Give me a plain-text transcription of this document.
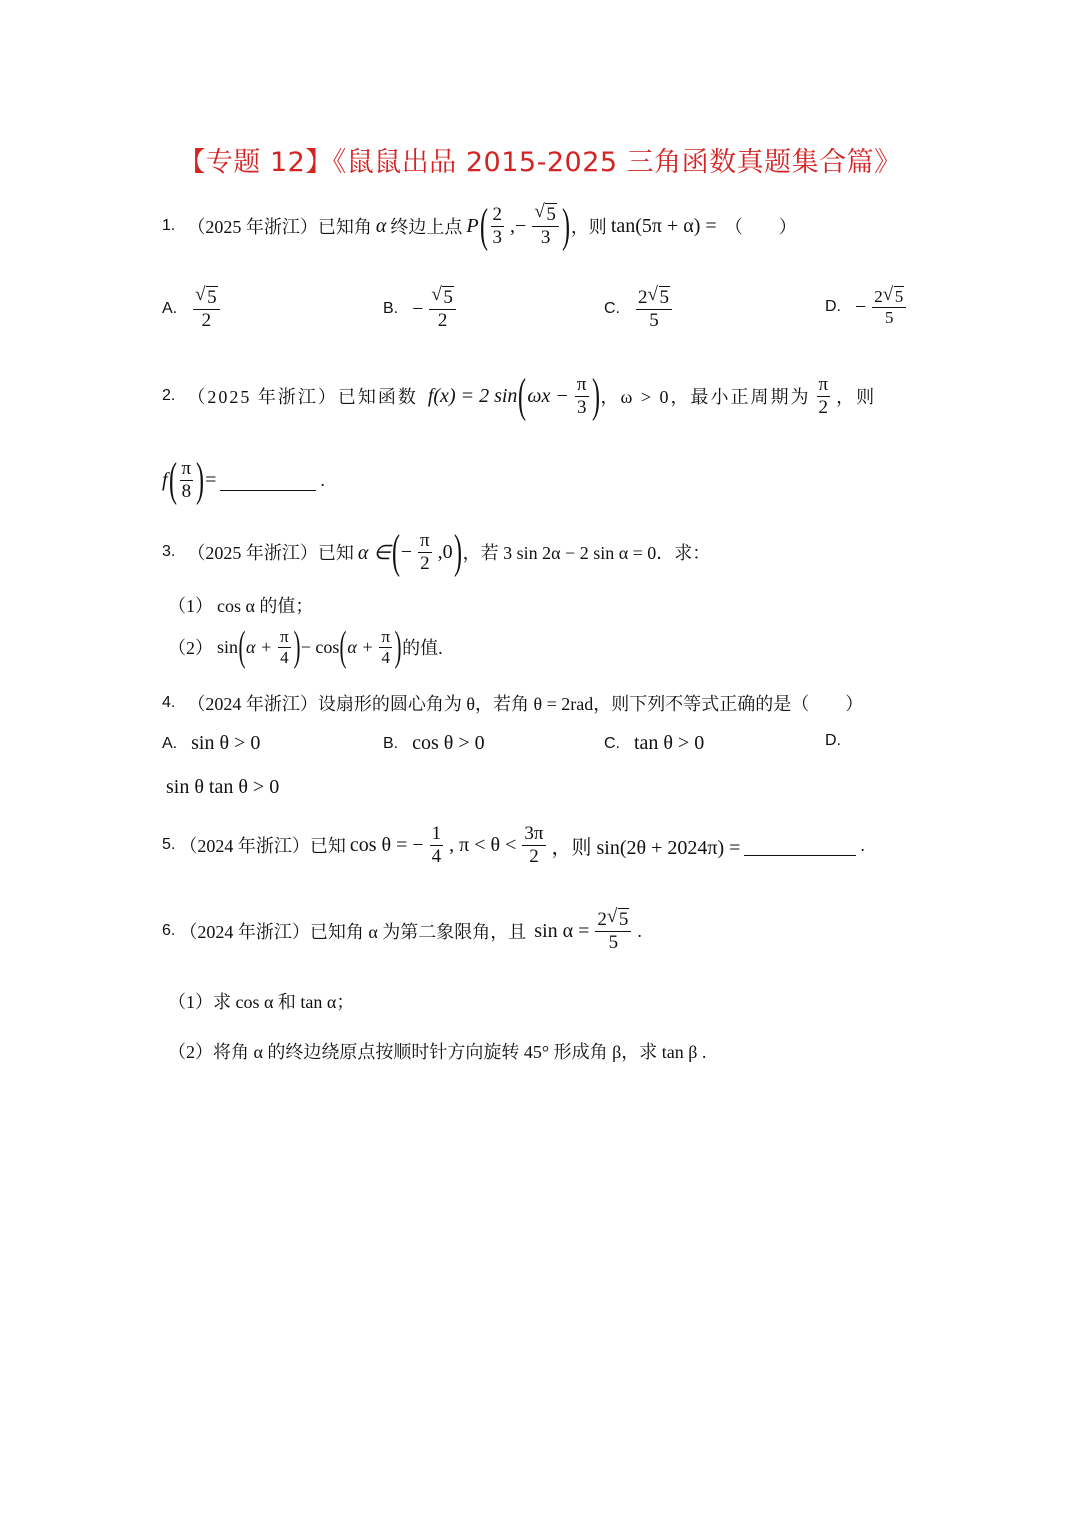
【专题 12】《鼠鼠出品 2015-2025 三角函数真题集合篇》
1. （2025 年浙江）已知角 α 终边上点 P ( $\frac{2}{3}$ ,− $\frac{√ 5}{3}$ ) ，则 tan(5π + α) = （　　）
A. $\frac{√ 5}{2}$	B. − $\frac{√ 5}{2}$	C. $\frac{2 √ 5}{5}$	D. − $\frac{2 √ 5}{5}$
2. （2025 年浙江）已知函数 f(x) = 2 sin ( $\omega x - \frac{\pi}{3}$ ) ，ω > 0，最小正周期为 $\frac{\pi}{2}$ ，则
f ( $\frac{\pi}{8}$ ) =	.
3. （2025 年浙江）已知 α ∈ ( − $\frac{\pi}{2} ,0$ ) ，若 3 sin 2α − 2 sin α = 0．求：
（1） cos α 的值；
（2） sin ( $\alpha + \frac{\pi}{4}$ ) − cos ( $\alpha + \frac{\pi}{4}$ ) 的值.
4. （2024 年浙江）设扇形的圆心角为 θ，若角 θ = 2rad，则下列不等式正确的是（　　）
A. sin θ > 0	B. cos θ > 0	C. tan θ > 0	D.
sin θ tan θ > 0
5. （2024 年浙江）已知 cos θ = − $\frac{1}{4}$ , $\pi < \theta < \frac{3\pi}{2}$ ，则 sin(2θ + 2024π) =	.
6. （2024 年浙江）已知角 α 为第二象限角，且 $\sin \alpha = \frac{2 √ 5}{5}$ .
（1）求 cos α 和 tan α；
（2）将角 α 的终边绕原点按顺时针方向旋转 45° 形成角 β，求 tan β .
